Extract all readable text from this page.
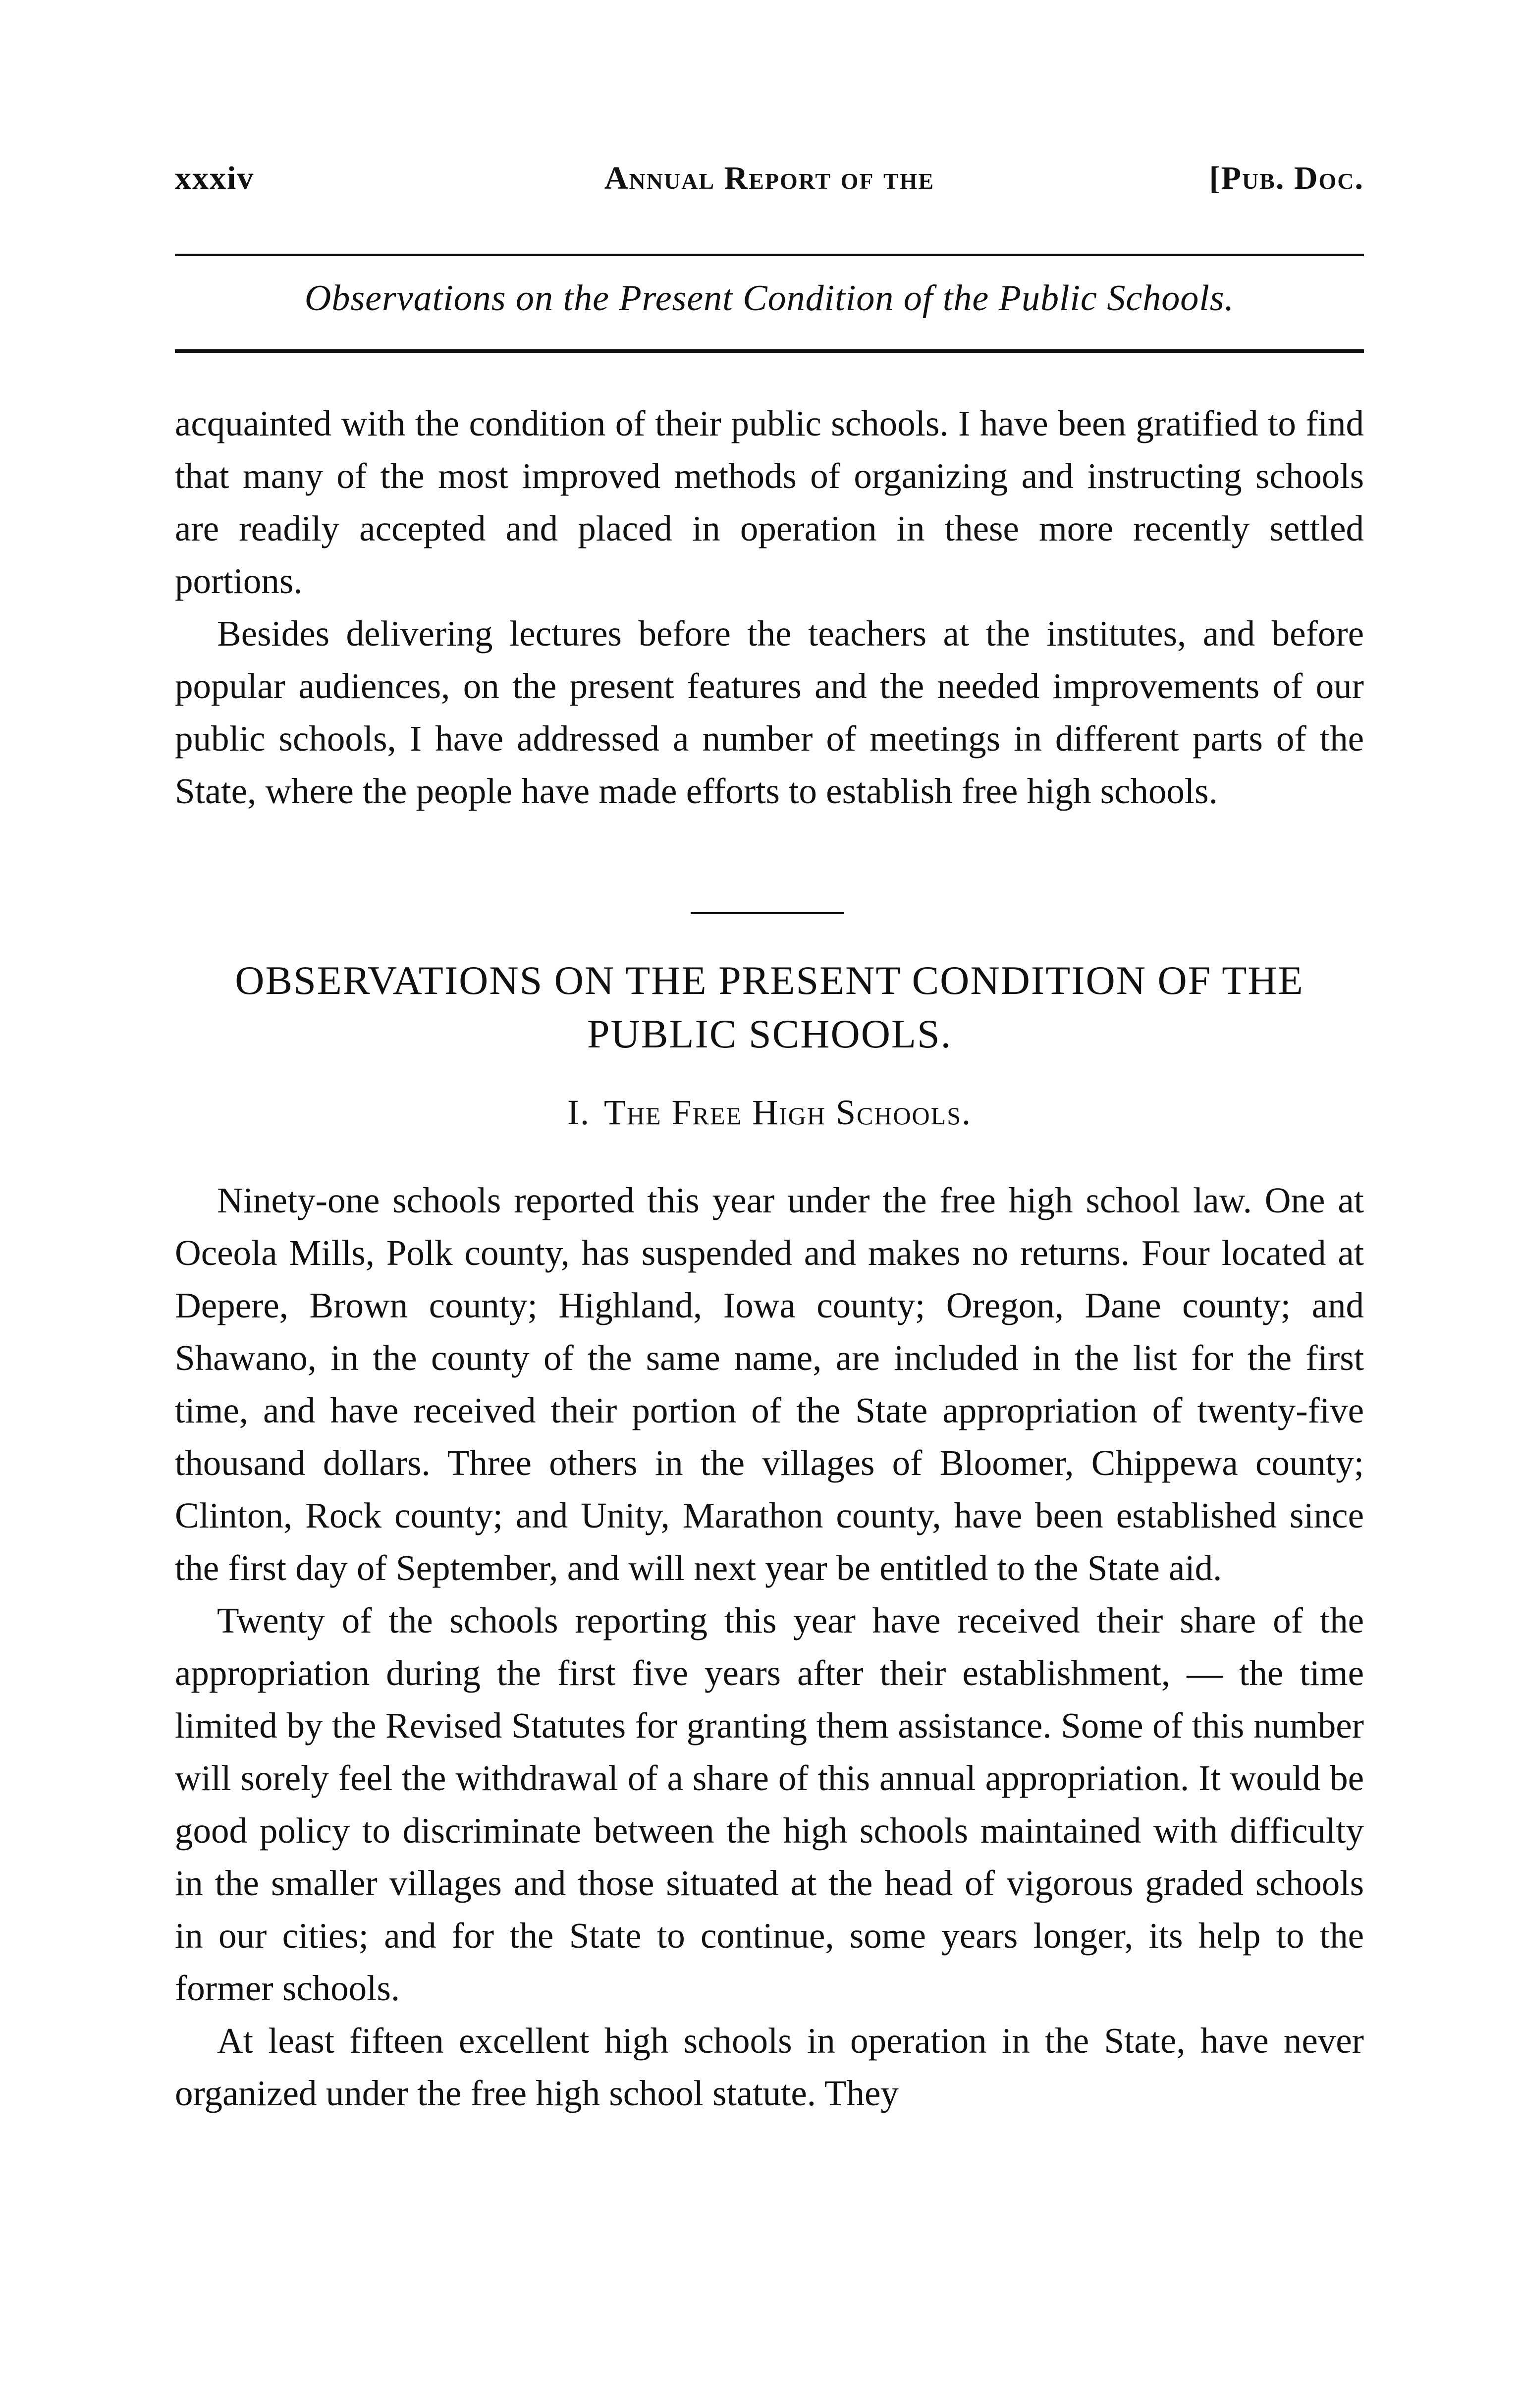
xxxiv	Annual Report of the	[Pub. Doc.
Observations on the Present Condition of the Public Schools.

acquainted with the condition of their public schools. I have been gratified to find that many of the most improved methods of organizing and instructing schools are readily accepted and placed in operation in these more recently settled portions.

Besides delivering lectures before the teachers at the institutes, and before popular audiences, on the present features and the needed improvements of our public schools, I have addressed a number of meetings in different parts of the State, where the people have made efforts to establish free high schools.

OBSERVATIONS ON THE PRESENT CONDITION OF THE PUBLIC SCHOOLS.
I. The Free High Schools.

Ninety-one schools reported this year under the free high school law. One at Oceola Mills, Polk county, has suspended and makes no returns. Four located at Depere, Brown county; Highland, Iowa county; Oregon, Dane county; and Shawano, in the county of the same name, are included in the list for the first time, and have received their portion of the State appropriation of twenty-five thousand dollars. Three others in the villages of Bloomer, Chippewa county; Clinton, Rock county; and Unity, Marathon county, have been established since the first day of September, and will next year be entitled to the State aid.

Twenty of the schools reporting this year have received their share of the appropriation during the first five years after their establishment, — the time limited by the Revised Statutes for granting them assistance. Some of this number will sorely feel the withdrawal of a share of this annual appropriation. It would be good policy to discriminate between the high schools maintained with difficulty in the smaller villages and those situated at the head of vigorous graded schools in our cities; and for the State to continue, some years longer, its help to the former schools.

At least fifteen excellent high schools in operation in the State, have never organized under the free high school statute. They
